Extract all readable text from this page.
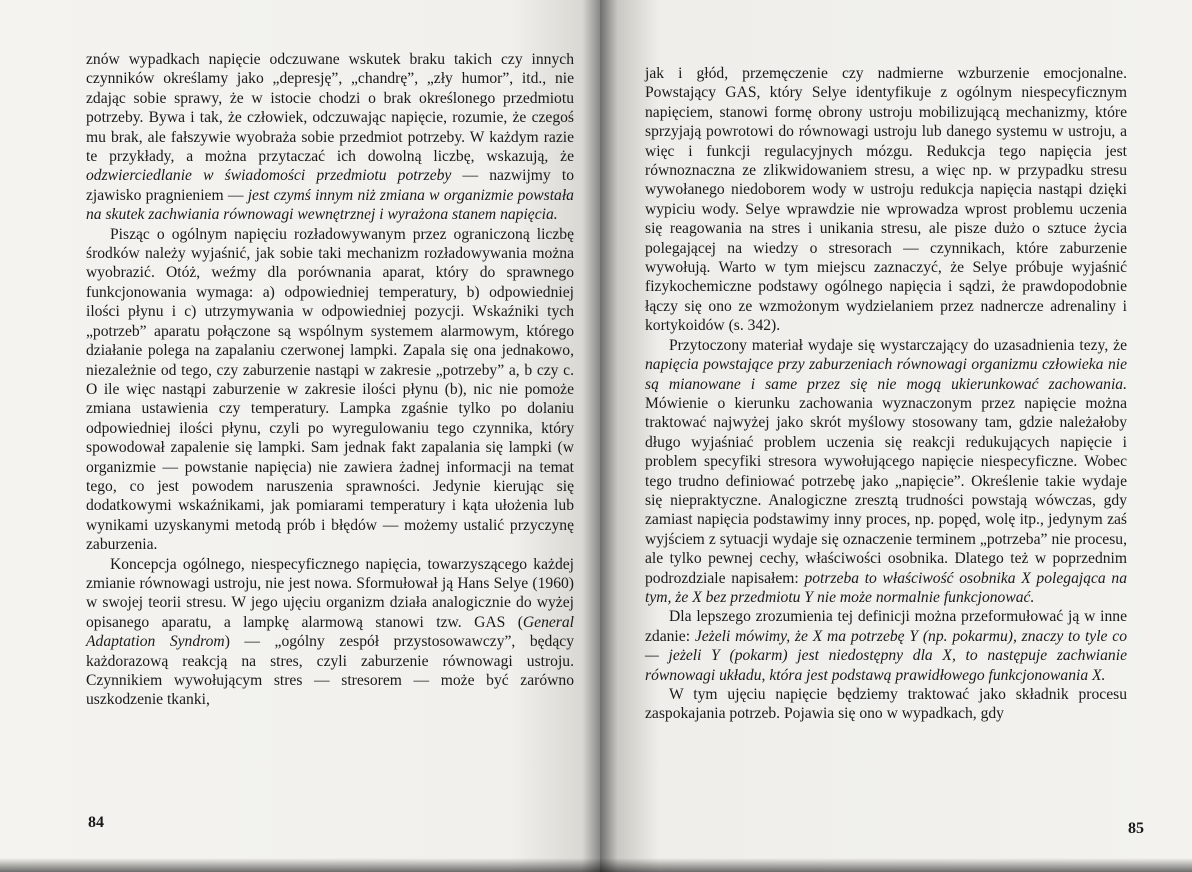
znów wypadkach napięcie odczuwane wskutek braku takich czy innych czynników określamy jako „depresję”, „chandrę”, „zły humor”, itd., nie zdając sobie sprawy, że w istocie chodzi o brak określonego przedmiotu potrzeby. Bywa i tak, że człowiek, odczuwając napięcie, rozumie, że czegoś mu brak, ale fałszywie wyobraża sobie przedmiot potrzeby. W każdym razie te przykłady, a można przytaczać ich dowolną liczbę, wskazują, że odzwierciedlanie w świadomości przedmiotu potrzeby — nazwijmy to zjawisko pragnieniem — jest czymś innym niż zmiana w organizmie powstała na skutek zachwiania równowagi wewnętrznej i wyrażona stanem napięcia.

Pisząc o ogólnym napięciu rozładowywanym przez ograniczoną liczbę środków należy wyjaśnić, jak sobie taki mechanizm rozładowywania można wyobrazić. Otóż, weźmy dla porównania aparat, który do sprawnego funkcjonowania wymaga: a) odpowiedniej temperatury, b) odpowiedniej ilości płynu i c) utrzymywania w odpowiedniej pozycji. Wskaźniki tych „potrzeb” aparatu połączone są wspólnym systemem alarmowym, którego działanie polega na zapalaniu czerwonej lampki. Zapala się ona jednakowo, niezależnie od tego, czy zaburzenie nastąpi w zakresie „potrzeby” a, b czy c. O ile więc nastąpi zaburzenie w zakresie ilości płynu (b), nic nie pomoże zmiana ustawienia czy temperatury. Lampka zgaśnie tylko po dolaniu odpowiedniej ilości płynu, czyli po wyregulowaniu tego czynnika, który spowodował zapalenie się lampki. Sam jednak fakt zapalania się lampki (w organizmie — powstanie napięcia) nie zawiera żadnej informacji na temat tego, co jest powodem naruszenia sprawności. Jedynie kierując się dodatkowymi wskaźnikami, jak pomiarami temperatury i kąta ułożenia lub wynikami uzyskanymi metodą prób i błędów — możemy ustalić przyczynę zaburzenia.

Koncepcja ogólnego, niespecyficznego napięcia, towarzyszącego każdej zmianie równowagi ustroju, nie jest nowa. Sformułował ją Hans Selye (1960) w swojej teorii stresu. W jego ujęciu organizm działa analogicznie do wyżej opisanego aparatu, a lampkę alarmową stanowi tzw. GAS (General Adaptation Syndrom) — „ogólny zespół przystosowawczy”, będący każdorazową reakcją na stres, czyli zaburzenie równowagi ustroju. Czynnikiem wywołującym stres — stresorem — może być zarówno uszkodzenie tkanki,

84

jak i głód, przemęczenie czy nadmierne wzburzenie emocjonalne. Powstający GAS, który Selye identyfikuje z ogólnym niespecyficznym napięciem, stanowi formę obrony ustroju mobilizującą mechanizmy, które sprzyjają powrotowi do równowagi ustroju lub danego systemu w ustroju, a więc i funkcji regulacyjnych mózgu. Redukcja tego napięcia jest równoznaczna ze zlikwidowaniem stresu, a więc np. w przypadku stresu wywołanego niedoborem wody w ustroju redukcja napięcia nastąpi dzięki wypiciu wody. Selye wprawdzie nie wprowadza wprost problemu uczenia się reagowania na stres i unikania stresu, ale pisze dużo o sztuce życia polegającej na wiedzy o stresorach — czynnikach, które zaburzenie wywołują. Warto w tym miejscu zaznaczyć, że Selye próbuje wyjaśnić fizykochemiczne podstawy ogólnego napięcia i sądzi, że prawdopodobnie łączy się ono ze wzmożonym wydzielaniem przez nadnercze adrenaliny i kortykoidów (s. 342).

Przytoczony materiał wydaje się wystarczający do uzasadnienia tezy, że napięcia powstające przy zaburzeniach równowagi organizmu człowieka nie są mianowane i same przez się nie mogą ukierunkować zachowania. Mówienie o kierunku zachowania wyznaczonym przez napięcie można traktować najwyżej jako skrót myślowy stosowany tam, gdzie należałoby długo wyjaśniać problem uczenia się reakcji redukujących napięcie i problem specyfiki stresora wywołującego napięcie niespecyficzne. Wobec tego trudno definiować potrzebę jako „napięcie”. Określenie takie wydaje się niepraktyczne. Analogiczne zresztą trudności powstają wówczas, gdy zamiast napięcia podstawimy inny proces, np. popęd, wolę itp., jedynym zaś wyjściem z sytuacji wydaje się oznaczenie terminem „potrzeba” nie procesu, ale tylko pewnej cechy, właściwości osobnika. Dlatego też w poprzednim podrozdziale napisałem: potrzeba to właściwość osobnika X polegająca na tym, że X bez przedmiotu Y nie może normalnie funkcjonować.

Dla lepszego zrozumienia tej definicji można przeformułować ją w inne zdanie: Jeżeli mówimy, że X ma potrzebę Y (np. pokarmu), znaczy to tyle co — jeżeli Y (pokarm) jest niedostępny dla X, to następuje zachwianie równowagi układu, która jest podstawą prawidłowego funkcjonowania X.

W tym ujęciu napięcie będziemy traktować jako składnik procesu zaspokajania potrzeb. Pojawia się ono w wypadkach, gdy

85
